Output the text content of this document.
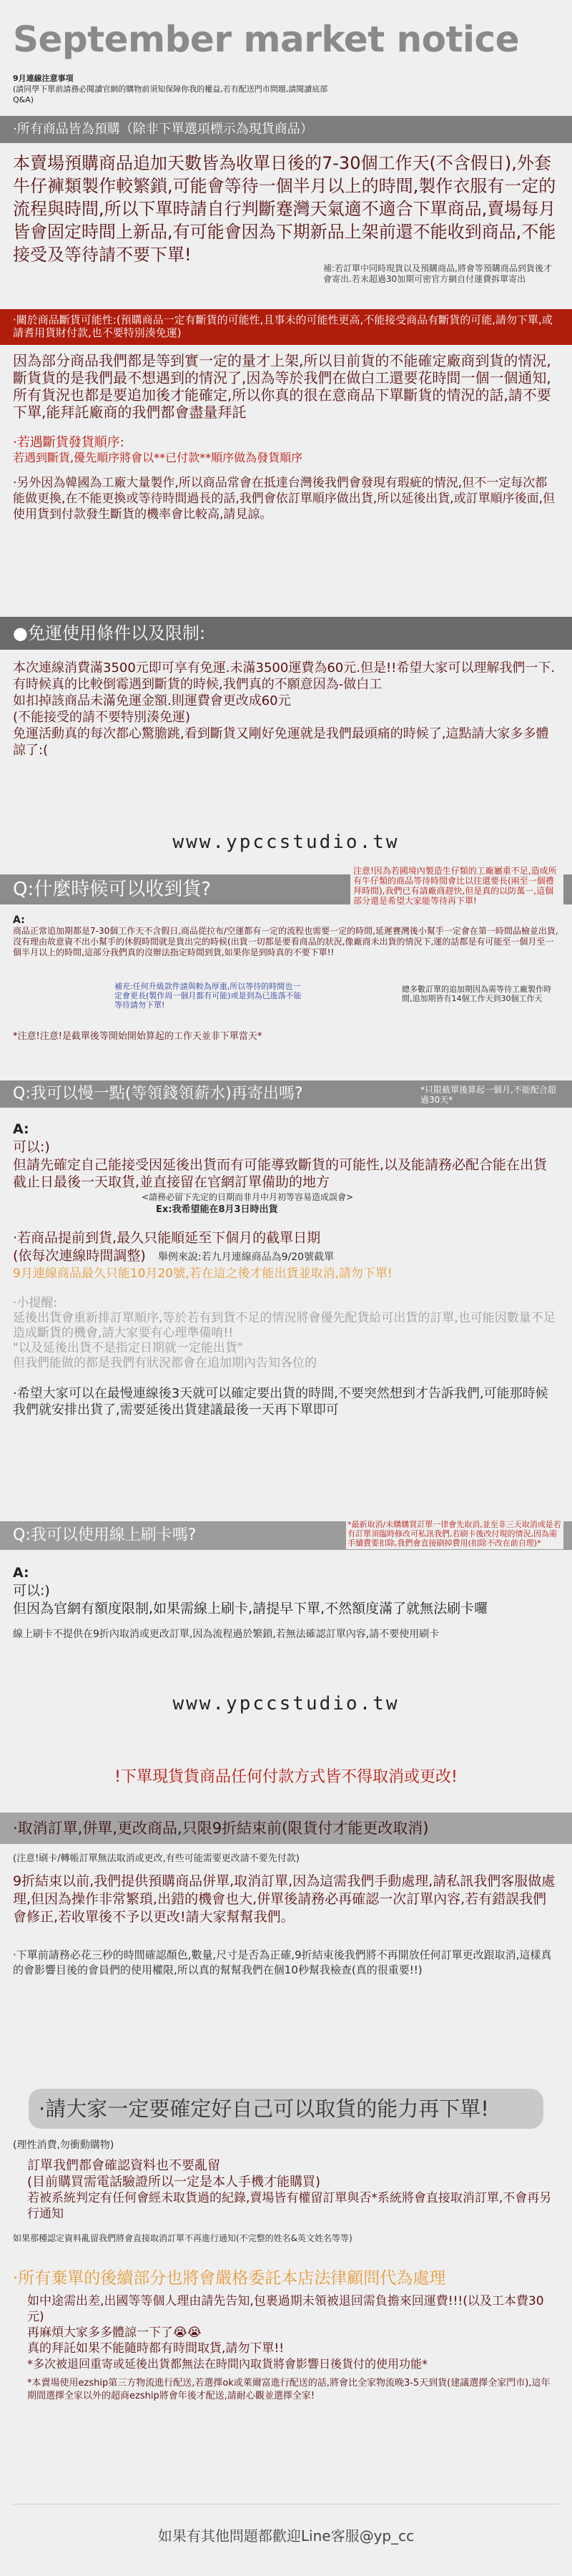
September market notice
9月連線注意事項
(請同學下單前請務必閱讀官網的購物前須知保障你我的權益,若有配送門市問題,請閱讀底部
Q&A)
·所有商品皆為預購（除非下單選項標示為現貨商品）
本賣場預購商品追加天數皆為收單日後的7-30個工作天(不含假日),外套牛仔褲類製作較繁鎖,可能會等待一個半月以上的時間,製作衣服有一定的流程與時間,所以下單時請自行判斷蹇灣天氣適不適合下單商品,賣場每月皆會固定時間上新品,有可能會因為下期新品上架前還不能收到商品,不能接受及等待請不要下單!
補:若訂單中同時現貨以及預購商品,將會等預購商品到貨後才會寄出.若未超過30加期可密官方網自付運費拆單寄出
·關於商品斷貨可能性:(預購商品一定有斷貨的可能性,且事未的可能性更高,不能接受商品有斷貨的可能,請勿下單,或請耆用貨財付款,也不要特別湊免運)
因為部分商品我們都是等到實一定的量才上架,所以目前貨的不能確定廠商到貨的情況,斷貨貨的是我們最不想遇到的情況了,因為等於我們在做白工還要花時間一個一個通知,所有貨況也都是要追加後才能確定,所以你真的很在意商品下單斷貨的情況的話,請不要下單,能拜託廠商的我們都會盡量拜託
·若遇斷貨發貨順序:
若遇到斷貨,優先順序將會以**已付款**順序做為發貨順序
·另外因為韓國為工廠大量製作,所以商品常會在抵達台灣後我們會發現有瑕疵的情況,但不一定每次都能做更換,在不能更換或等待時間過長的話,我們會依訂單順序做出貨,所以延後出貨,或訂單順序後面,但使用貨到付款發生斷貨的機率會比較高,請見諒。
●免運使用條件以及限制:
本次連線消費滿3500元即可享有免運.未滿3500運費為60元.但是!!希望大家可以理解我們一下.有時候真的比較倒霉遇到斷貨的時候,我們真的不願意因為-做白工
如扣掉該商品未滿免運金額.則運費會更改成60元
(不能接受的請不要特別湊免運)
免運活動真的每次都心驚膽跳,看到斷貨又剛好免運就是我們最頭痛的時候了,這點請大家多多體諒了:(
www.ypccstudio.tw
Q:什麼時候可以收到貨?
注意!因為若國境內製造生仔類的工廠屬重不足,造成所有牛仔類的商品等待時間會比以往還要長(兩至一個禮拜時間),我們已有請廠商趕快,但是真的以防萬一,這個部分還是希望大家能等待再下單!
A:
商品正常追加期都是7-30個工作天不含假日,商品從拉布/空運都有一定的流程也需要一定的時間,延遲賽灣後小幫手一定會在第一時間品檢並出貨,沒有理由故意資不出小幫手的休假時間就是貨出完的時候(出貨一切都是要看商品的狀況,像廠商未出貨的情況下,運的話都是有可能至一個月至一個半月以上的時間,這部分我們真的沒辦法指定時間到貨,如果你是到時真的不要下單!!
補充:任何升級款件請與較為厚重,所以等待的時間也一定會更長(製作周一個月都有可能)或是到為已進落不能等待請勿下單!
總多數訂單的追加期因為需等待工廠製作時間,追加期皆有14個工作天到30個工作天
*注意!注意!是截單後等開始開始算起的工作天並非下單當天*
Q:我可以慢一點(等領錢領薪水)再寄出嗎?	*只限截單後算起一個月,不能配合超過30天*
A:
可以:)
但請先確定自己能接受因延後出貨而有可能導致斷貨的可能性,以及能請務必配合能在出貨截止日最後一天取貨,並直接留在官網訂單備助的地方
<請務必留下先定的日期而非月中月初等容易造成誤會>
Ex:我希望能在8月3日時出貨
·若商品提前到貨,最久只能順延至下個月的截單日期
(依每次連線時間調整) 舉例來說:若九月連線商品為9/20號截單
9月連線商品最久只能10月20號,若在這之後才能出貨並取消,請勿下單!
·小提醒:
延後出貨會重新排訂單順序,等於若有到貨不足的情況將會優先配貨給可出貨的訂單,也可能因數量不足造成斷貨的機會,請大家要有心理準備唷!!
"以及延後出貨不是指定日期就一定能出貨"
但我們能做的都是我們有狀況都會在追加期內告知各位的
·希望大家可以在最慢連線後3天就可以確定要出貨的時間,不要突然想到才告訴我們,可能那時候我們就安排出貨了,需要延後出貨建議最後一天再下單即可
Q:我可以使用線上刷卡嗎?
*最新取消/未購購買訂單一律會先取消,並至非三天取消或是若有訂單須臨時修改可私訊我們,若刷卡後改付現的情況,因為需手續費要扣除,我們會直接刷掉費用(扣除不改在前自理)*
A:
可以:)
但因為官網有額度限制,如果需線上刷卡,請提早下單,不然額度滿了就無法刷卡囉
線上刷卡不提供在9折內取消或更改訂單,因為流程過於繁鎖,若無法確認訂單內容,請不要使用刷卡
www.ypccstudio.tw
!下單現貨貨商品任何付款方式皆不得取消或更改!
·取消訂單,併單,更改商品,只限9折結束前(限貨付才能更改取消)
(注意!刷卡/轉帳訂單無法取消或更改,有些可能需要更改請不要先付款)
9折結束以前,我們提供預購商品併單,取消訂單,因為這需我們手動處理,請私訊我們客服做處理,但因為操作非常繁瑣,出錯的機會也大,併單後請務必再確認一次訂單內容,若有錯誤我們會修正,若收單後不予以更改!請大家幫幫我們。
·下單前請務必花三秒的時間確認顏色,數量,尺寸是否為正確,9折結束後我們將不再開放任何訂單更改跟取消,這樣真的會影響目後的會員們的使用權限,所以真的幫幫我們在個10秒幫我檢查(真的很重要!!)
·請大家一定要確定好自己可以取貨的能力再下單!
(理性消費,勿衝動購物)
訂單我們都會確認資料也不要亂留
(目前購買需電話驗證所以一定是本人手機才能購買)
若被系統判定有任何會經未取貨過的紀錄,賣場皆有權留訂單與否*系統將會直接取消訂單,不會再另行通知
如果那種認定資料亂留我們將會直接取消訂單不再進行通知(不完整的姓名&英文姓名等等)
·所有棄單的後續部分也將會嚴格委託本店法律顧問代為處理
如中途需出差,出國等等個人理由請先告知,包裹過期未領被退回需負擔來回運費!!!(以及工本費30元)
再麻煩大家多多體諒一下了😭😭
真的拜託如果不能隨時都有時間取貨,請勿下單!!
*多次被退回重寄或延後出貨都無法在時間內取貨將會影響日後貨付的使用功能*
*本賣場使用ezship第三方物流進行配送,若選擇ok或萊爾富進行配送的話,將會比全家物流晚3-5天到貨(建議選擇全家門市),這年期間選擇全家以外的超商ezship將會年後才配送,請耐心觀並選擇全家!
如果有其他問題都歡迎Line客服@yp_cc
